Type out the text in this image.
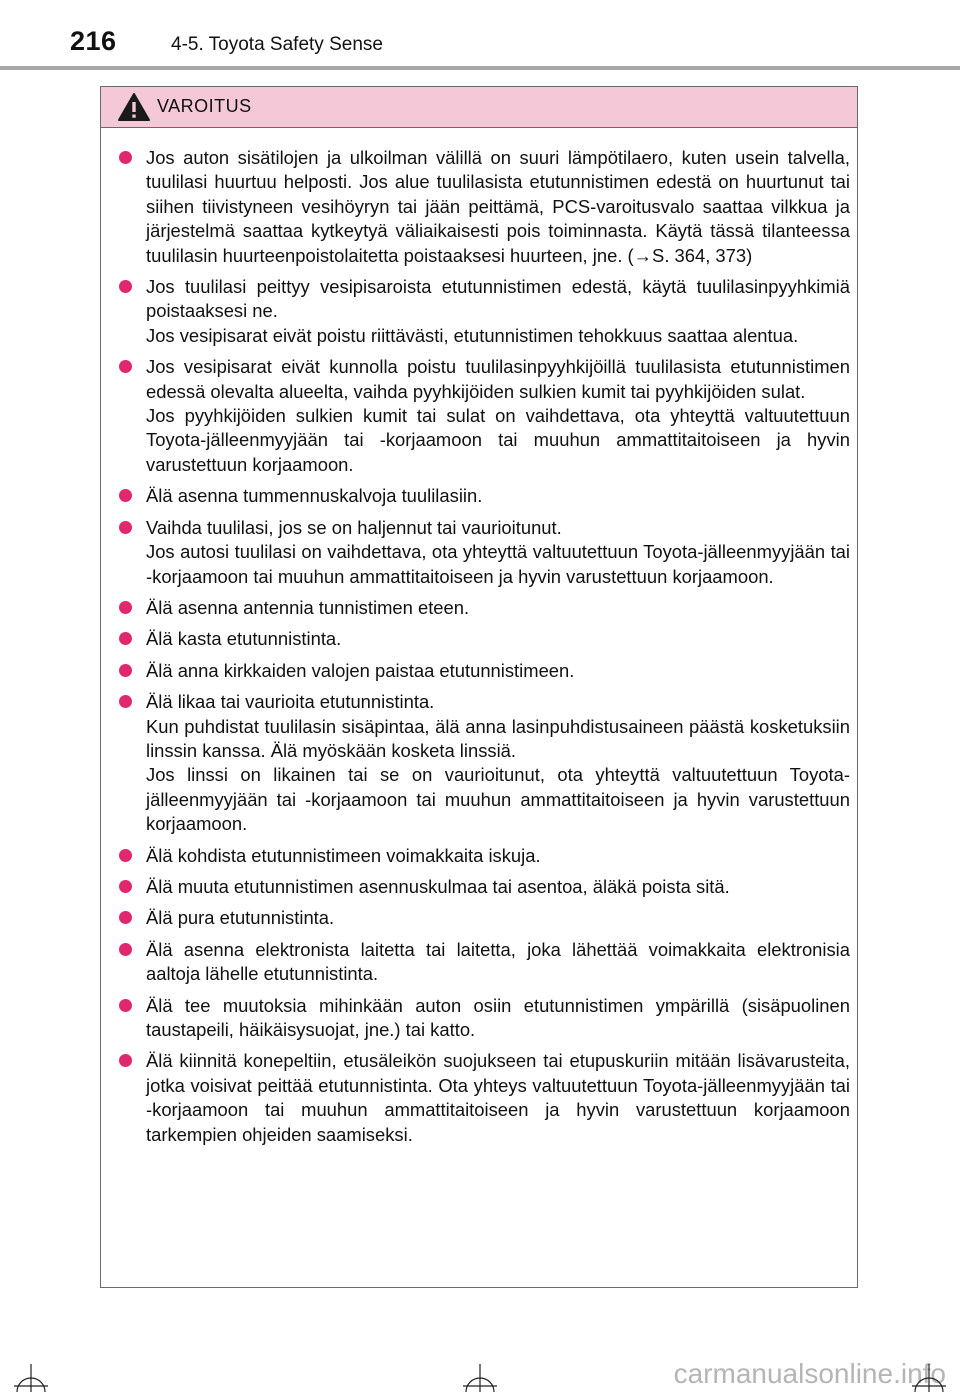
216	4-5. Toyota Safety Sense
VAROITUS

Jos auton sisätilojen ja ulkoilman välillä on suuri lämpötilaero, kuten usein talvella, tuulilasi huurtuu helposti. Jos alue tuulilasista etutunnistimen edestä on huurtunut tai siihen tiivistyneen vesihöyryn tai jään peittämä, PCS-varoitusvalo saattaa vilkkua ja järjestelmä saattaa kytkeytyä väliaikaisesti pois toiminnasta. Käytä tässä tilanteessa tuulilasin huurteenpoistolaitetta poistaaksesi huurteen, jne. (→S. 364, 373)

Jos tuulilasi peittyy vesipisaroista etutunnistimen edestä, käytä tuulilasinpyyhkimiä poistaaksesi ne.

Jos vesipisarat eivät poistu riittävästi, etutunnistimen tehokkuus saattaa alentua.

Jos vesipisarat eivät kunnolla poistu tuulilasinpyyhkijöillä tuulilasista etutunnistimen edessä olevalta alueelta, vaihda pyyhkijöiden sulkien kumit tai pyyhkijöiden sulat.

Jos pyyhkijöiden sulkien kumit tai sulat on vaihdettava, ota yhteyttä valtuutettuun Toyota-jälleenmyyjään tai -korjaamoon tai muuhun ammattitaitoiseen ja hyvin varustettuun korjaamoon.

Älä asenna tummennuskalvoja tuulilasiin.

Vaihda tuulilasi, jos se on haljennut tai vaurioitunut.

Jos autosi tuulilasi on vaihdettava, ota yhteyttä valtuutettuun Toyota-jälleenmyyjään tai -korjaamoon tai muuhun ammattitaitoiseen ja hyvin varustettuun korjaamoon.

Älä asenna antennia tunnistimen eteen.

Älä kasta etutunnistinta.

Älä anna kirkkaiden valojen paistaa etutunnistimeen.

Älä likaa tai vaurioita etutunnistinta.

Kun puhdistat tuulilasin sisäpintaa, älä anna lasinpuhdistusaineen päästä kosketuksiin linssin kanssa. Älä myöskään kosketa linssiä.

Jos linssi on likainen tai se on vaurioitunut, ota yhteyttä valtuutettuun Toyota-jälleenmyyjään tai -korjaamoon tai muuhun ammattitaitoiseen ja hyvin varustettuun korjaamoon.

Älä kohdista etutunnistimeen voimakkaita iskuja.

Älä muuta etutunnistimen asennuskulmaa tai asentoa, äläkä poista sitä.

Älä pura etutunnistinta.

Älä asenna elektronista laitetta tai laitetta, joka lähettää voimakkaita elektronisia aaltoja lähelle etutunnistinta.

Älä tee muutoksia mihinkään auton osiin etutunnistimen ympärillä (sisäpuolinen taustapeili, häikäisysuojat, jne.) tai katto.

Älä kiinnitä konepeltiin, etusäleikön suojukseen tai etupuskuriin mitään lisävarusteita, jotka voisivat peittää etutunnistinta. Ota yhteys valtuutettuun Toyota-jälleenmyyjään tai -korjaamoon tai muuhun ammattitaitoiseen ja hyvin varustettuun korjaamoon tarkempien ohjeiden saamiseksi.

carmanualsonline.info
